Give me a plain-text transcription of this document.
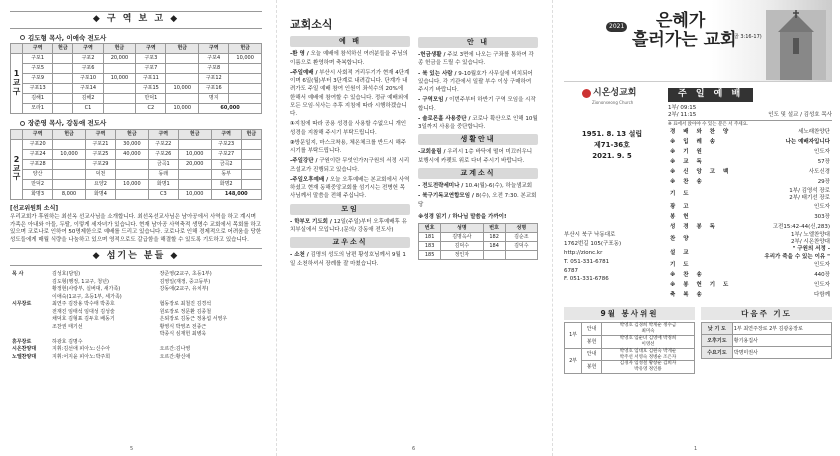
◆ 구 역 보 고 ◆
김도형 목사, 이애숙 전도사
	구역	헌금	구역	헌금	구역	헌금	구역	헌금
1 교 구	구포1		구포2	20,000	구포3		구포4	10,000
	구포5		구포6		구포7		구포8	
	구포9		구포10	10,000	구포11		구포12	
	구포13		구포14		구포15	10,000	구포16	
	김해1		김해2		만덕1		명지	
	모라1		C1		C2	10,000	60,000	
장준영 목사, 강동애 전도사
	구역	헌금	구역	헌금	구역	헌금	구역	헌금
2 교 구	구포20		구포21	30,000	구포22		구포23	
	구포24	10,000	구포25	40,000	구포26	10,000	구포27	
	구포28		구포29		금곡1	20,000	금곡2	
	양산		덕천		동래		동부	
	만덕2		요양2	10,000	화명1		화명2	
	화명3	8,000	화명4		C3	10,000	148,000	
[선교위원회 소식]
우리교회가 후원하는 최선옥 선교사님을 소개합니다. 최선옥선교사님은 남아공에서 사역을 하고 계시며 가족은 아내와 아들, 두딸, 이렇게 세자녀가 있습니다. 현재 남아공 사역축적 생명수 교회에서 목회를 하고 있으며 코로나로 인하여 50명제한으로 예배를 드리고 있습니다. 코로나로 인해 경제적으로 어려움을 당한 성도들에게 매월 식량을 나눔하고 있으며 영적으로도 갈급함을 해결할 수 있도록 기도하고 있습니다.
◆ 섬기는 분들 ◆
목 사	김성호(담임)
김도형(행정, 1교구, 청년)
황정현(사랑부, 실버대, 새가족)
이애숙(1교구, 초등1부, 세가족)	장준영(2교구, 초등1부)
김영일(재정, 중고등부)
강동애(2교구, 유치부)
시무장로	최연주 김장용 박수태 박종호
전재진 임태석 임대성 김성술
채덕호 김형표 김두호 배동기
조찬권 태기선	협동장로 최철진 김경석
원로장로 정문환 김종철
은퇴장로 김동근 정용섭 서영우
황영식 박영조 전종근
박종식 심재헌 최병욱
휴무장로	하광호 김명수	
시온찬양대	지휘:김선애 피아노:신수아	오르간:김나영
노엘찬양대	지휘:어지윤 피아노:박주희	오르간:황신애
5
교회소식
예 배
-환 영 / 오늘 예배에 참석하신 여러분들을 주님의 이름으로 환영하며 축복합니다.
-주일예배 / 부산시 사회적 거리두기가 현재 4단계이며 6일(월)부터 3단계로 내려갑니다. 단계가 내려가도 주일 예배 참여 인원이 좌석수의 20%에 한해서 예배에 참여할 수 있습니다. 정규 예배외에 모든 모임·식사는 추후 지침에 따라 시행하겠습니다.
①지침에 따라 공용 성경을 사용할 수없으니 개인성경을 지참해 주시기 부탁드립니다.
②방문일지, 마스크착용, 체온체크를 반드시 해주시기를 부탁드립니다.
-주일강단 / 구원이란 무엇인가?(구원의 서정 시리즈설교가 진행되고 있습니다.
-주일오후예배 / 오늘 오후예배는 본교회에서 사역하셨고 현재 동해중앙교회를 섬기시는 전병헌 목사님께서 말씀을 전해 주십니다.
모임
- 학부모 기도회 / 12일(주일)부터 오후예배후 유치부실에서 모입니다.(문의/ 강동애 전도사)
교우소식
- 소천 / 김명의 성도의 남편 황성호님께서 9월 1일 소천하셔서 장례를 잘 마쳤습니다.
안 내
-헌금생활 / 주보 3면에 나오는 구좌를 통하여 각종 헌금을 드릴 수 있습니다.
- 북 있는 사람 / 9-10월호가 사무실에 비치되어 있습니다. 각 기관에서 일괄 부수 이상 구매하여 주시기 바랍니다.
- 구역모임 / 이번주부터 하반기 구역 모임을 시작합니다.
- 솔로몬홀 사용중단 / 코로나 확산으로 인해 10월 3일까지 사용을 중단합니다.
생활안내
-교회울림 / 우리시 1층 바닥에 떨어 미끄러우니 보행시에 카펫트 위로 다녀 주시기 바랍니다.
교계소식
- 전도전략세미나 / 10.4(월)-6(수), 하늘샘교회
- 북구기독교연합모임 / 8(수), 오전 7:30. 본교회당
※성경 읽기 / 하나님 말씀을 가까이!
번호	성명	번호	성명
181	김명옥사	182	김순조
183	김덕수	184	김덕수
185	정인자		
6
2021	은혜가
흘러가는 교회
(골 3:16-17)
시온성교회
Ziononseong Church
1951. 8. 13 설립
제71-36호
2021. 9. 5
부산시 북구 낙동대로
1762번길 105(구포동)
http://zionc.kr
T. 051-331-6781
6787
F. 051-331-6786
주 일 예 배
1부/ 09:15
2부/ 11:15	인도 및 설교 / 김성호 목사
※ 표에서 앉아야 수 있는 분은 서 주세요.
경 배 와 찬 양	세노래찬양단
※ 입 례 송	나는 예배자입니다
※ 기 원	인도자
※ 교 독	57장
※ 신 앙 고 백	사도신경
※ 찬 송	29장
기 도	1부/ 김영석 장로
2부/ 태기선 장로
광 고	인도자
봉 헌	303장
성 경 봉 독	고전15:42-44(신,283)
찬 양	1부/ 노엘찬양대
2부/ 시온찬양대
설 교	" 구원의 서정 -
우리가 죽을 수 있는 이유 "
기 도	인도자
※ 찬 송	440장
※ 봉 헌 기 도	인도자
축 복 송	다함께
9월 봉사위원
1부	안내	박영호 김경희 박게순 정수금
최미숙
	봉헌	박영호 임순녀 김영애 박정희
이영선
2부	안내	박영호 임대호 김원숙 박게순
박주선 서영숙 정병순 조은자
	봉헌	김경자 임성철 황창순 김희자
박유영 정인룡
다음주 기도
낮 기 도	1부 최연주장로 2부 김광웅장로
오후기도	황기용집사
수요기도	박명미권사
1
